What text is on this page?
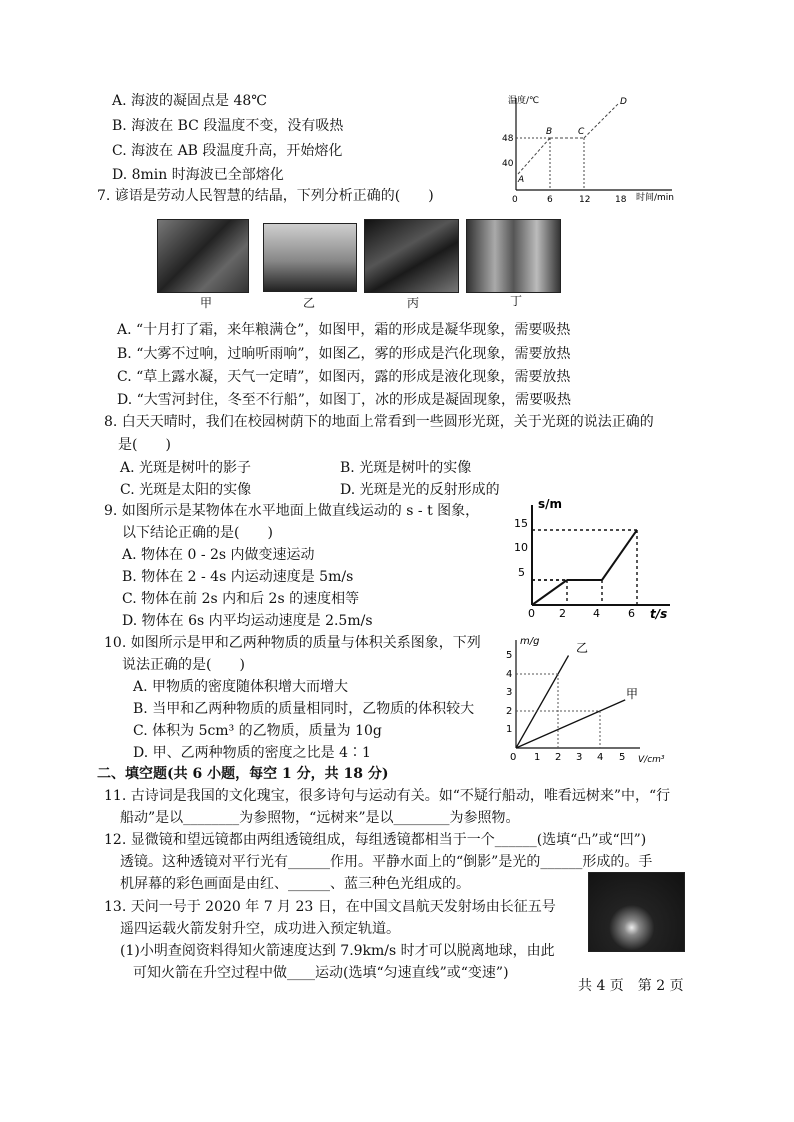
A. 海波的凝固点是 48℃
B. 海波在 BC 段温度不变，没有吸热
C. 海波在 AB 段温度升高，开始熔化
D. 8min 时海波已全部熔化
温度/℃
时间/min
48
40
0	6	12	18
A
B	C
D
7. 谚语是劳动人民智慧的结晶，下列分析正确的(　　)
甲	乙	丙	丁
A. “十月打了霜，来年粮满仓”，如图甲，霜的形成是凝华现象，需要吸热
B. “大雾不过响，过晌听雨响”，如图乙，雾的形成是汽化现象，需要放热
C. “草上露水凝，天气一定晴”，如图丙，露的形成是液化现象，需要放热
D. “大雪河封住，冬至不行船”，如图丁，冰的形成是凝固现象，需要吸热
8. 白天天晴时，我们在校园树荫下的地面上常看到一些圆形光斑，关于光斑的说法正确的
是(　　)
A. 光斑是树叶的影子	B. 光斑是树叶的实像
C. 光斑是太阳的实像	D. 光斑是光的反射形成的
9. 如图所示是某物体在水平地面上做直线运动的 s - t 图象，
以下结论正确的是(　　)
A. 物体在 0 - 2s 内做变速运动
B. 物体在 2 - 4s 内运动速度是 5m/s
C. 物体在前 2s 内和后 2s 的速度相等
D. 物体在 6s 内平均运动速度是 2.5m/s
s/m
t/s
15
10
5
0 2 4	6
10. 如图所示是甲和乙两种物质的质量与体积关系图象，下列
说法正确的是(　　)
A. 甲物质的密度随体积增大而增大
B. 当甲和乙两种物质的质量相同时，乙物质的体积较大
C. 体积为 5cm³ 的乙物质，质量为 10g
D. 甲、乙两种物质的密度之比是 4∶1
m/g
V/cm³
5
4
3
2
1
0 1 2 3 4 5
乙
甲
二、填空题(共 6 小题，每空 1 分，共 18 分)
11. 古诗词是我国的文化瑰宝，很多诗句与运动有关。如“不疑行船动，唯看远树来”中，“行
船动”是以________为参照物，“远树来”是以________为参照物。
12. 显微镜和望远镜都由两组透镜组成，每组透镜都相当于一个______(选填“凸”或“凹”)
透镜。这种透镜对平行光有______作用。平静水面上的“倒影”是光的______形成的。手
机屏幕的彩色画面是由红、______、蓝三种色光组成的。
13. 天问一号于 2020 年 7 月 23 日，在中国文昌航天发射场由长征五号
遥四运载火箭发射升空，成功进入预定轨道。
(1)小明查阅资料得知火箭速度达到 7.9km/s 时才可以脱离地球，由此
可知火箭在升空过程中做____运动(选填“匀速直线”或“变速”)
共 4 页　第 2 页
